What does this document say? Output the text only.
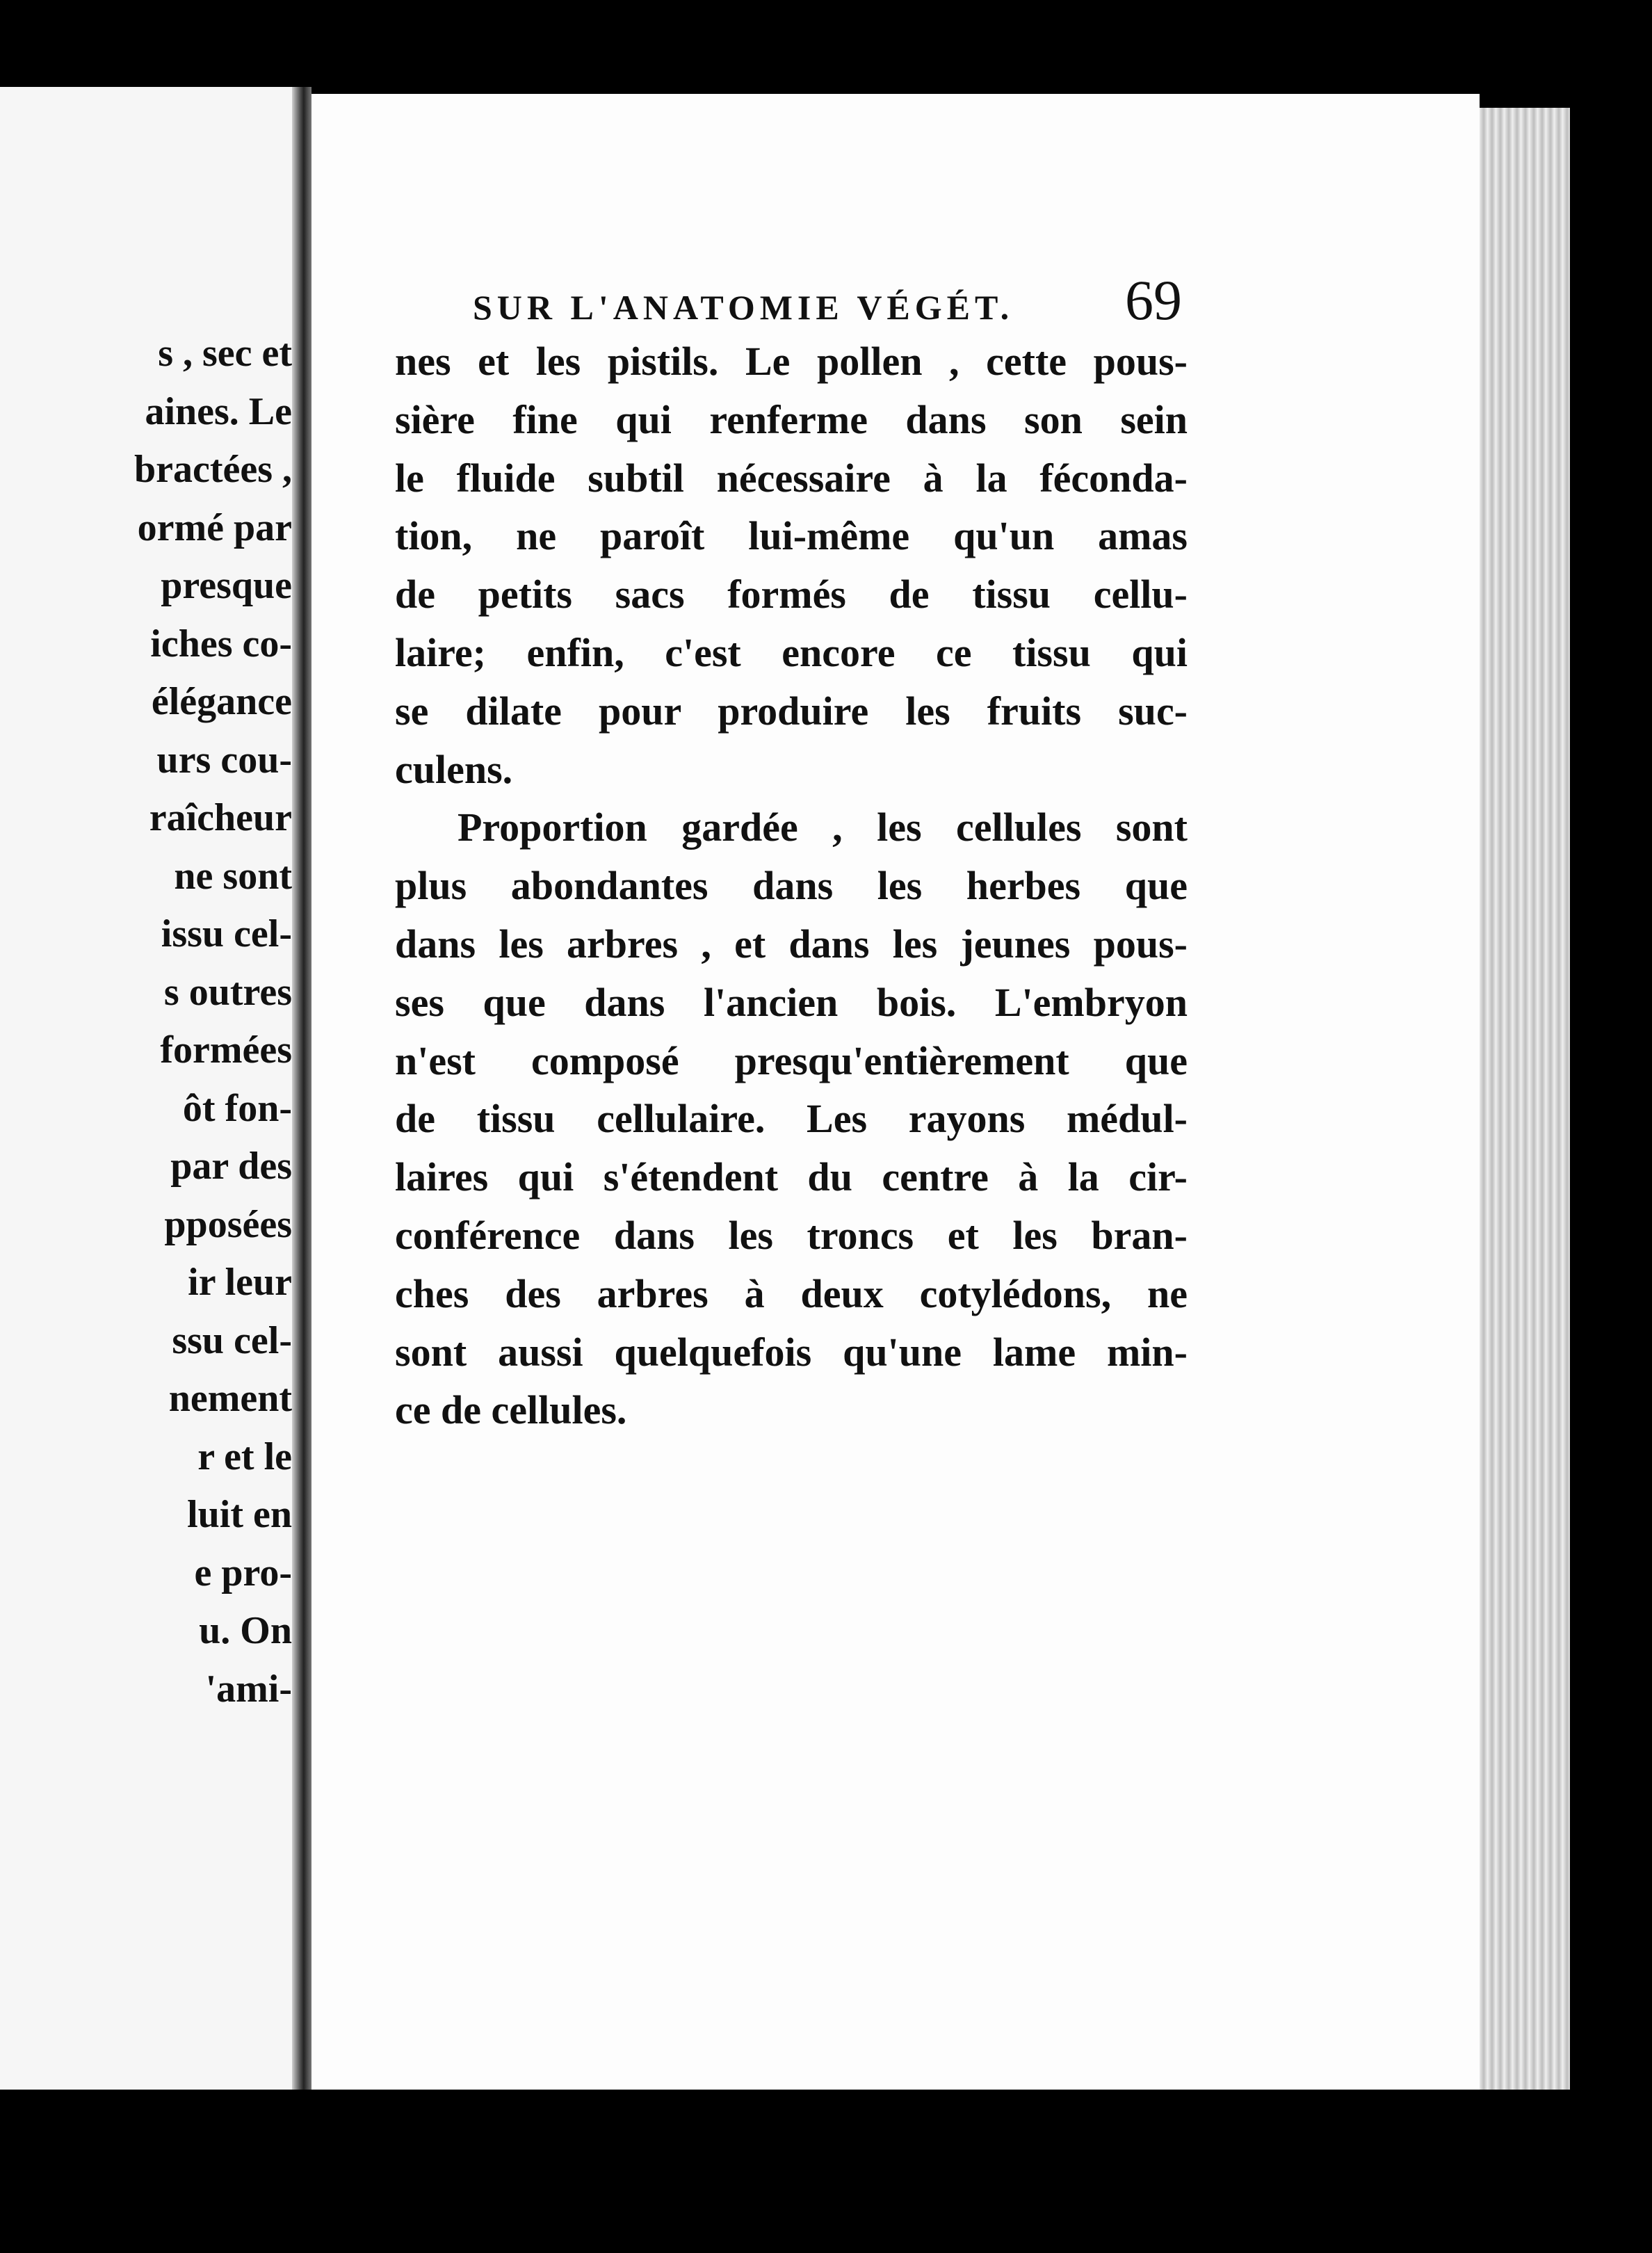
s , sec et
aines. Le
bractées ,
ormé par
presque
iches co-
élégance
urs cou-
raîcheur
ne sont
issu cel-
s outres
formées
ôt fon-
par des
pposées
ir leur
ssu cel-
nement
r et le
luit en
e pro-
u. On
'ami-
SUR L'ANATOMIE VÉGÉT. 69
nes et les pistils. Le pollen , cette pous-
sière fine qui renferme dans son sein
le fluide subtil nécessaire à la féconda-
tion, ne paroît lui-même qu'un amas
de petits sacs formés de tissu cellu-
laire; enfin, c'est encore ce tissu qui
se dilate pour produire les fruits suc-
culens.
Proportion gardée , les cellules sont
plus abondantes dans les herbes que
dans les arbres , et dans les jeunes pous-
ses que dans l'ancien bois. L'embryon
n'est composé presqu'entièrement que
de tissu cellulaire. Les rayons médul-
laires qui s'étendent du centre à la cir-
conférence dans les troncs et les bran-
ches des arbres à deux cotylédons, ne
sont aussi quelquefois qu'une lame min-
ce de cellules.
